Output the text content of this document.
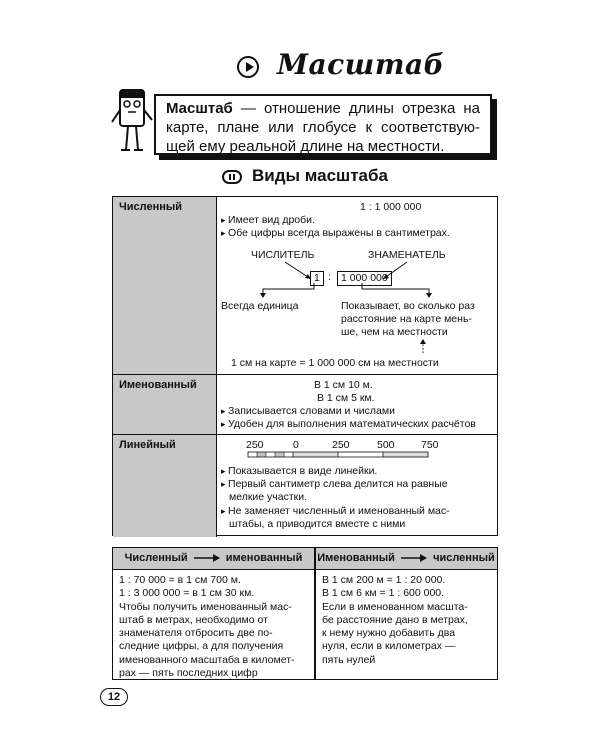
Масштаб
Масштаб — отношение длины отрезка на карте, плане или глобусе к соответствую-щей ему реальной длине на местности.
Виды масштаба
Численный	1 : 1 000 000
▸ Имеет вид дроби.
▸ Обе цифры всегда выражены в сантиметрах.
ЧИСЛИТЕЛЬ	ЗНАМЕНАТЕЛЬ
1 : 1 000 000
Всегда единица	Показывает, во сколько раз
расстояние на карте мень-
ше, чем на местности
1 см на карте = 1 000 000 см на местности
Именованный	В 1 см 10 м.
В 1 см 5 км.
▸ Записывается словами и числами
▸ Удобен для выполнения математических расчётов
Линейный	250	0	250	500	750
▸ Показывается в виде линейки.
▸ Первый сантиметр слева делится на равные
мелкие участки.
▸ Не заменяет численный и именованный мас-
штабы, а приводится вместе с ними
Численный	именованный	Именованный	численный
1 : 70 000 = в 1 см 700 м.
1 : 3 000 000 = в 1 см 30 км.
Чтобы получить именованный мас-
штаб в метрах, необходимо от
знаменателя отбросить две по-
следние цифры, а для получения
именованного масштаба в километ-
рах — пять последних цифр
В 1 см 200 м = 1 : 20 000.
В 1 см 6 км = 1 : 600 000.
Если в именованном масшта-
бе расстояние дано в метрах,
к нему нужно добавить два
нуля, если в километрах —
пять нулей
12
